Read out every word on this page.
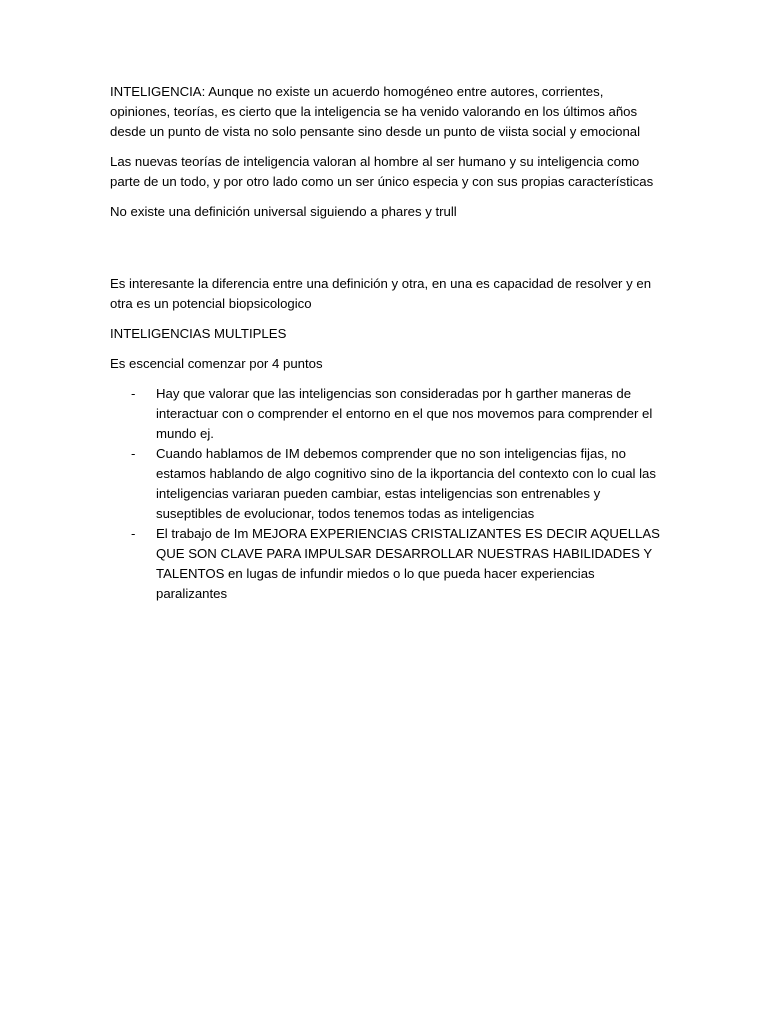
INTELIGENCIA: Aunque no existe un acuerdo homogéneo entre autores, corrientes, opiniones, teorías, es cierto que la inteligencia se ha venido valorando en los últimos años desde un punto de vista no solo pensante sino desde un punto de viista social y emocional

Las nuevas teorías de inteligencia valoran al hombre al ser humano y su inteligencia como parte de un todo, y por otro lado como un ser único especia y con sus propias características

No existe una definición universal siguiendo a phares y trull

Es interesante la diferencia entre una definición y otra, en una es capacidad de resolver y en otra es un potencial biopsicologico

INTELIGENCIAS MULTIPLES

Es escencial comenzar por 4 puntos

- Hay que valorar que las inteligencias son consideradas por h garther maneras de interactuar con o comprender el entorno en el que nos movemos para comprender el mundo ej.
- Cuando hablamos de IM debemos comprender que no son inteligencias fijas, no estamos hablando de algo cognitivo sino de la ikportancia del contexto con lo cual las inteligencias variaran pueden cambiar, estas inteligencias son entrenables y suseptibles de evolucionar, todos tenemos todas as inteligencias
- El trabajo de Im MEJORA EXPERIENCIAS CRISTALIZANTES ES DECIR AQUELLAS QUE SON CLAVE PARA IMPULSAR DESARROLLAR NUESTRAS HABILIDADES Y TALENTOS en lugas de infundir miedos o lo que pueda hacer experiencias paralizantes
